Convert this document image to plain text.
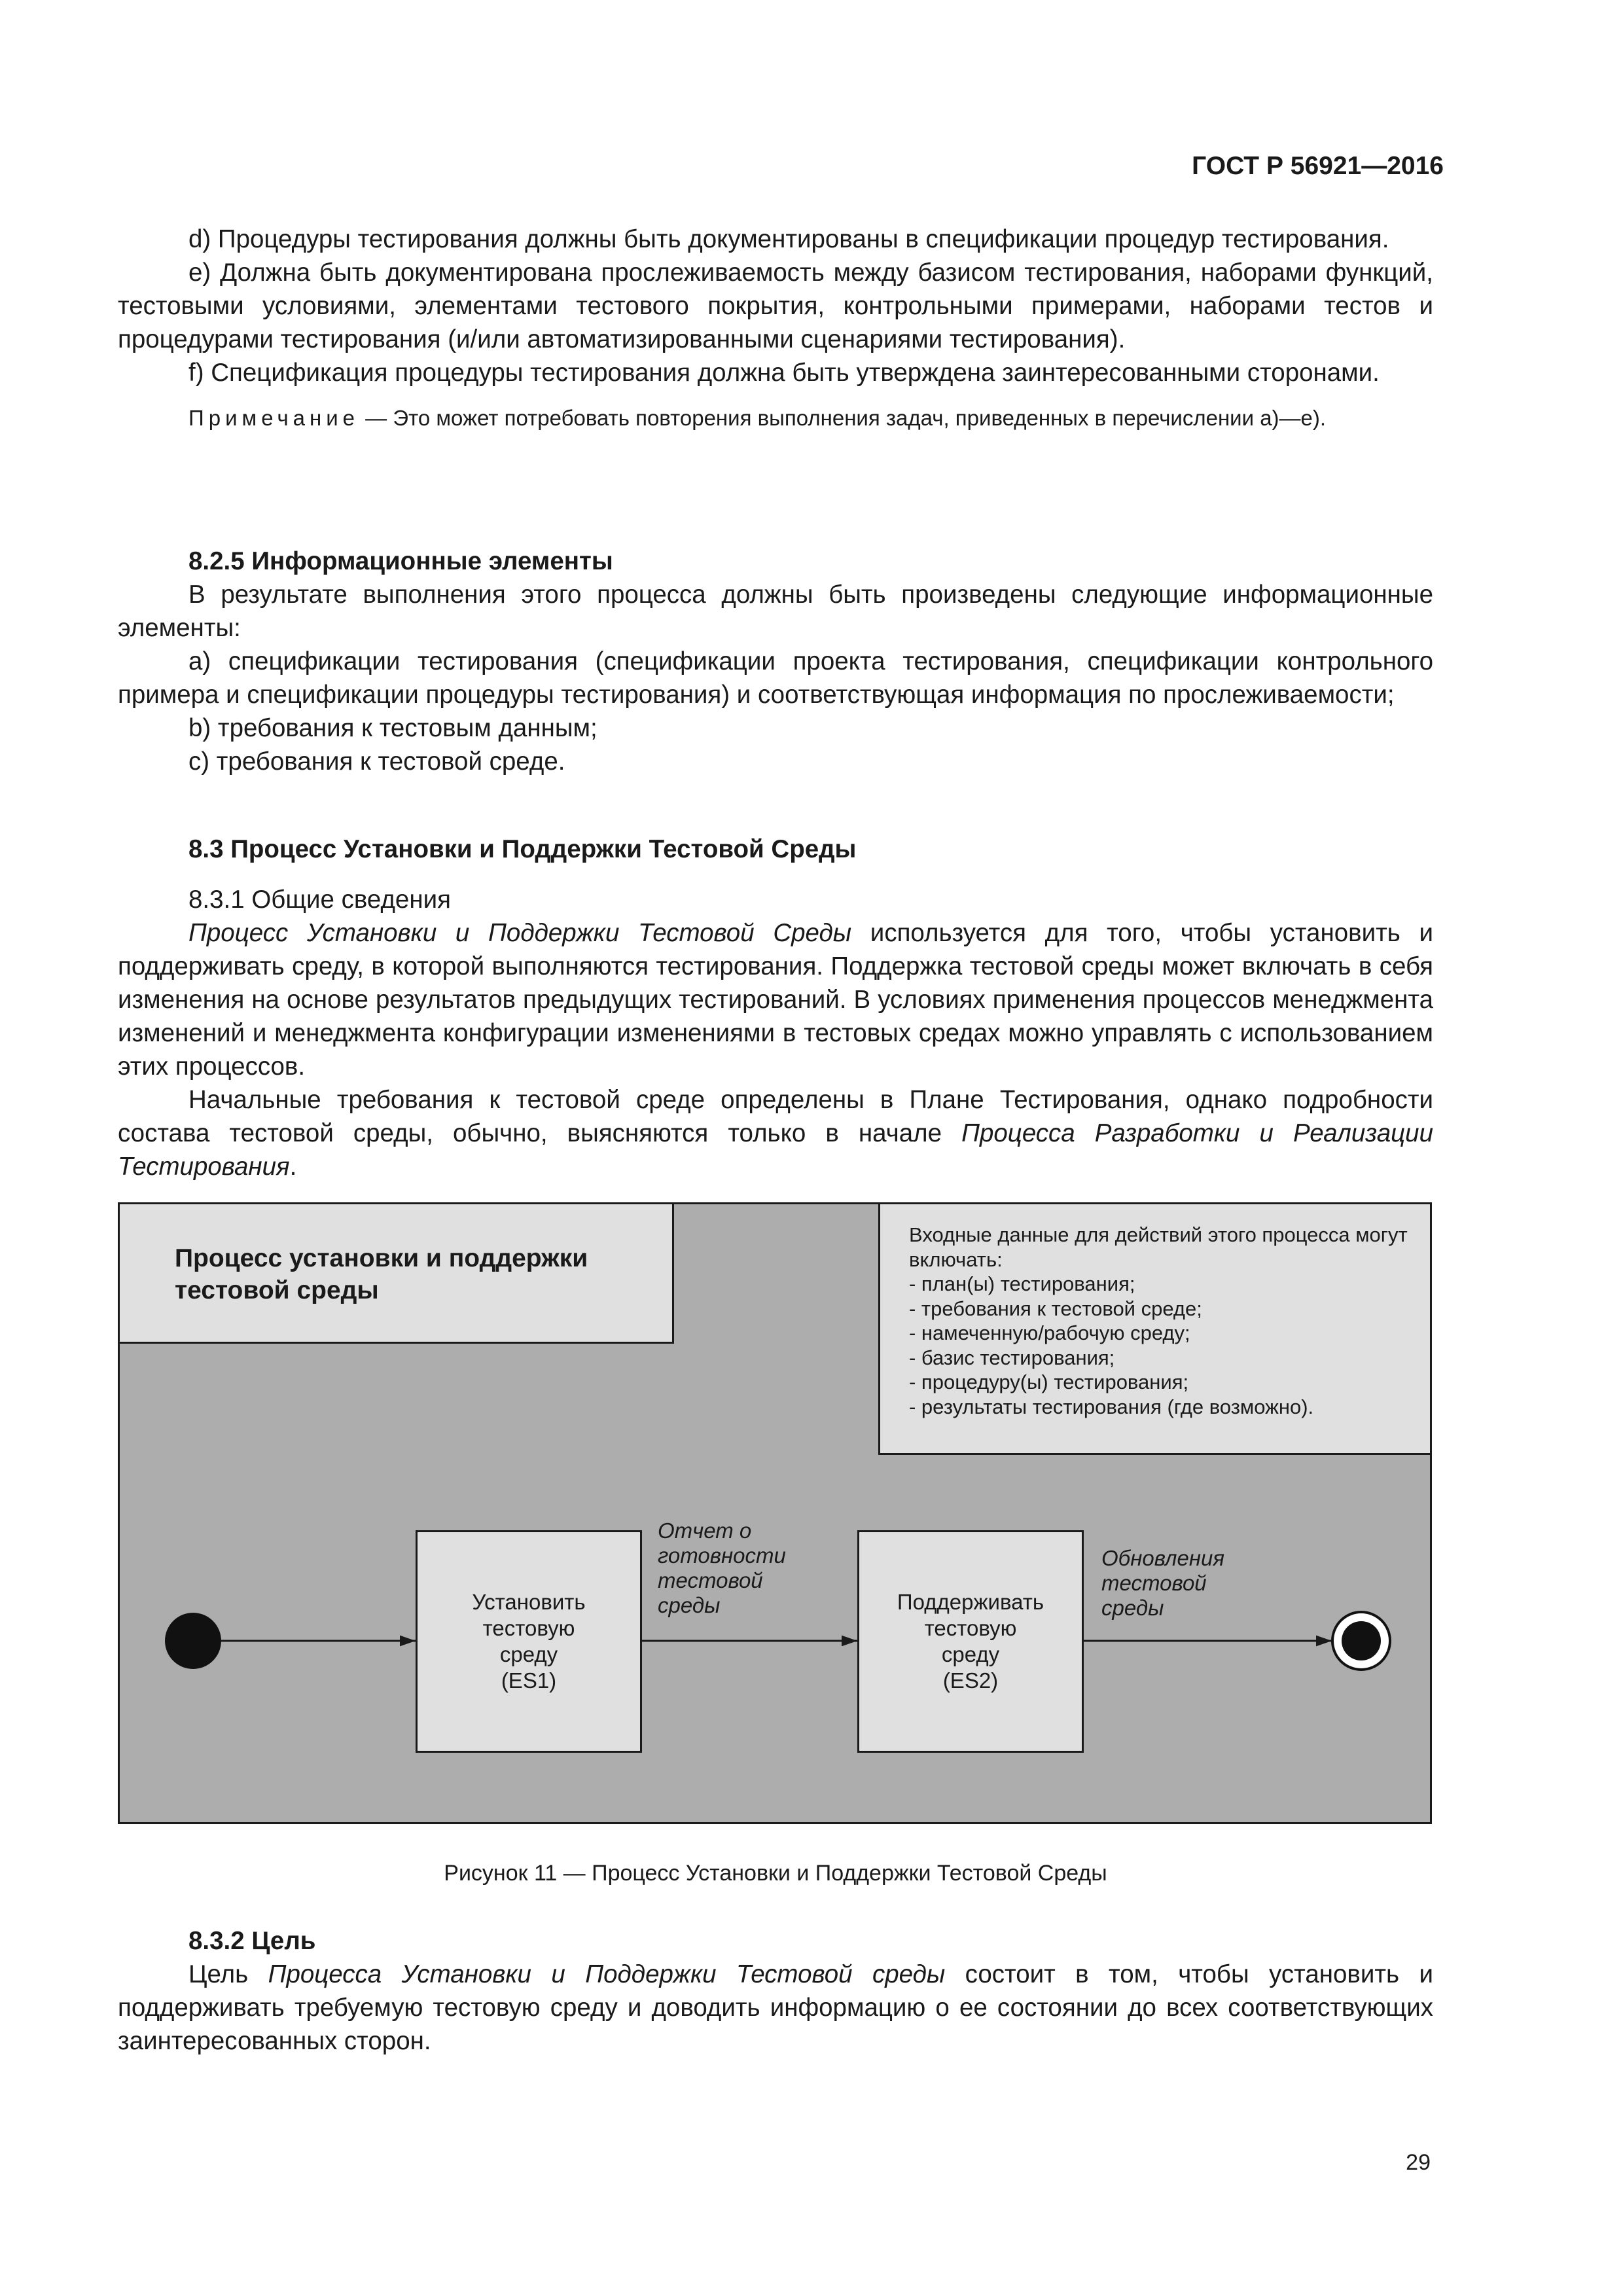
ГОСТ Р 56921—2016

d) Процедуры тестирования должны быть документированы в спецификации процедур тестирования.

e) Должна быть документирована прослеживаемость между базисом тестирования, наборами функций, тестовыми условиями, элементами тестового покрытия, контрольными примерами, наборами тестов и процедурами тестирования (и/или автоматизированными сценариями тестирования).

f) Спецификация процедуры тестирования должна быть утверждена заинтересованными сторонами.

Примечание — Это может потребовать повторения выполнения задач, приведенных в перечислении а)—е).

8.2.5 Информационные элементы

В результате выполнения этого процесса должны быть произведены следующие информационные элементы:

а) спецификации тестирования (спецификации проекта тестирования, спецификации контрольного примера и спецификации процедуры тестирования) и соответствующая информация по прослеживаемости;

b) требования к тестовым данным;

c) требования к тестовой среде.

8.3 Процесс Установки и Поддержки Тестовой Среды

8.3.1 Общие сведения

Процесс Установки и Поддержки Тестовой Среды используется для того, чтобы установить и поддерживать среду, в которой выполняются тестирования. Поддержка тестовой среды может включать в себя изменения на основе результатов предыдущих тестирований. В условиях применения процессов менеджмента изменений и менеджмента конфигурации изменениями в тестовых средах можно управлять с использованием этих процессов.

Начальные требования к тестовой среде определены в Плане Тестирования, однако подробности состава тестовой среды, обычно, выясняются только в начале Процесса Разработки и Реализации Тестирования.

Процесс установки и поддержки тестовой среды

Входные данные для действий этого процесса могут включать:
- план(ы) тестирования;
- требования к тестовой среде;
- намеченную/рабочую среду;
- базис тестирования;
- процедуру(ы) тестирования;
- результаты тестирования (где возможно).
Установить
тестовую
среду
(ES1)
Поддерживать
тестовую
среду
(ES2)
Отчет о готовности тестовой среды
Обновления тестовой среды

Рисунок 11 — Процесс Установки и Поддержки Тестовой Среды

8.3.2 Цель

Цель Процесса Установки и Поддержки Тестовой среды состоит в том, чтобы установить и поддерживать требуемую тестовую среду и доводить информацию о ее состоянии до всех соответствующих заинтересованных сторон.

29
